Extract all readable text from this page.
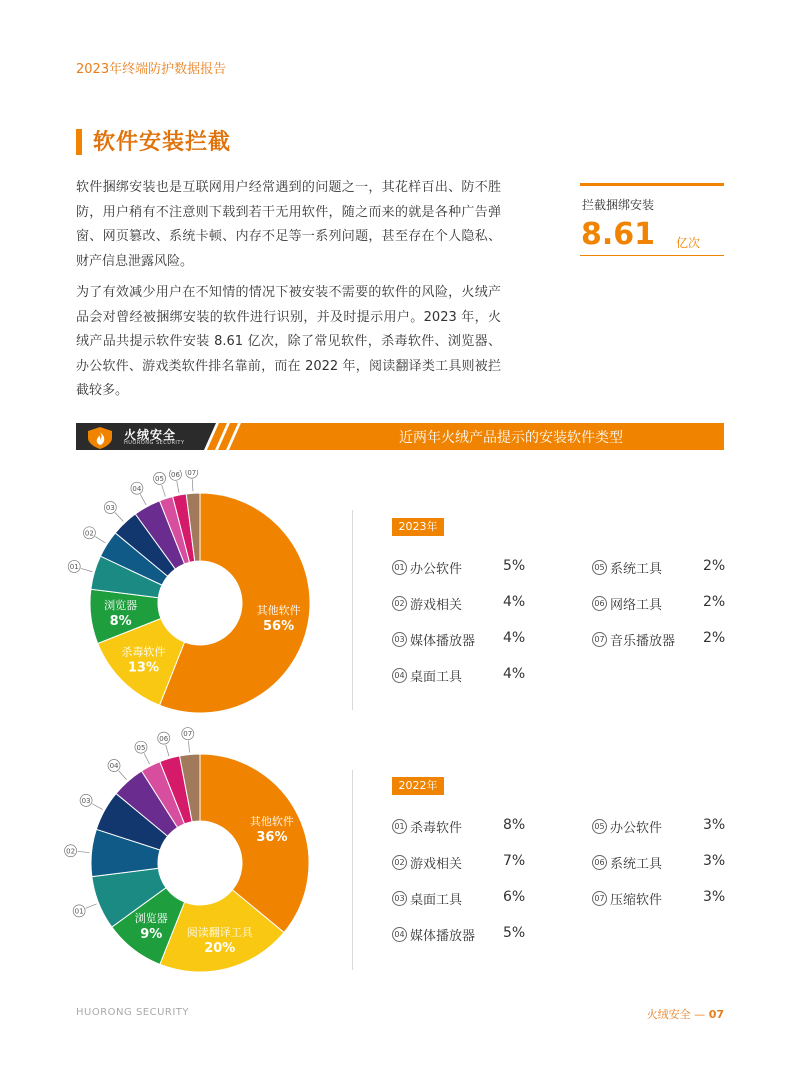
2023年终端防护数据报告
软件安装拦截

软件捆绑安装也是互联网用户经常遇到的问题之一，其花样百出、防不胜防，用户稍有不注意则下载到若干无用软件，随之而来的就是各种广告弹窗、网页篡改、系统卡顿、内存不足等一系列问题，甚至存在个人隐私、财产信息泄露风险。

为了有效减少用户在不知情的情况下被安装不需要的软件的风险，火绒产品会对曾经被捆绑安装的软件进行识别，并及时提示用户。2023 年，火绒产品共提示软件安装 8.61 亿次，除了常见软件，杀毒软件、浏览器、办公软件、游戏类软件排名靠前，而在 2022 年，阅读翻译类工具则被拦截较多。

拦截捆绑安装
8.61 亿次
火绒安全
HUORONG SECURITY	近两年火绒产品提示的安装软件类型
其他软件
56%
杀毒软件
13%
浏览器
8%
01
02
03
04
05
06 07
其他软件
36%
阅读翻译工具
20%
浏览器
9%
01
02
03
04
05
06
07
2023年
01 办公软件	5%
02 游戏相关	4%
03 媒体播放器 4%
04 桌面工具	4%
05 系统工具	2%
06 网络工具	2%
07 音乐播放器 2%
2022年
01 杀毒软件	8%
02 游戏相关	7%
03 桌面工具	6%
04 媒体播放器 5%
05 办公软件	3%
06 系统工具	3%
07 压缩软件	3%
HUORONG SECURITY	火绒安全 — 07
